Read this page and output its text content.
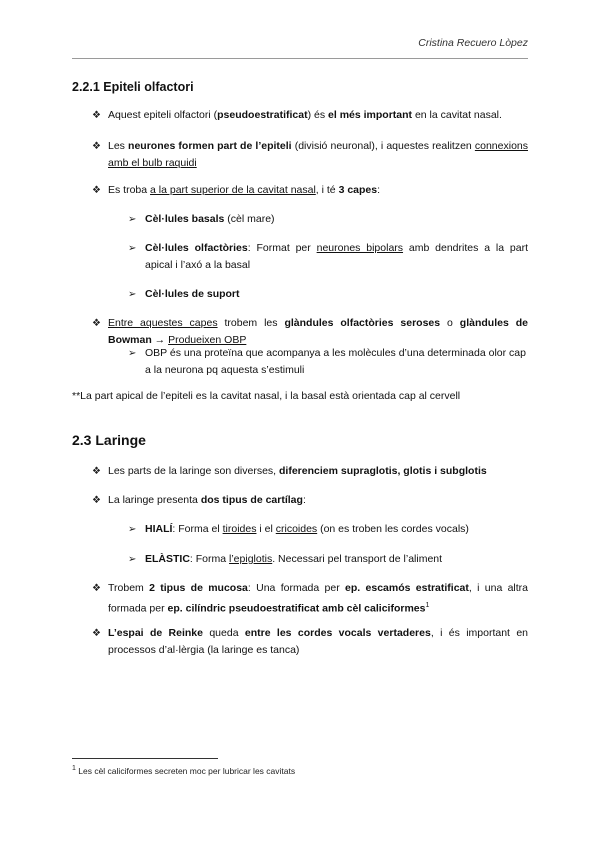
Cristina Recuero Lòpez
2.2.1 Epiteli olfactori
❖ Aquest epiteli olfactori (pseudoestratificat) és el més important en la cavitat nasal.
❖ Les neurones formen part de l’epiteli (divisió neuronal), i aquestes realitzen connexions amb el bulb raquidi
❖ Es troba a la part superior de la cavitat nasal, i té 3 capes:
➢ Cèl·lules basals (cèl mare)
➢ Cèl·lules olfactòries: Format per neurones bipolars amb dendrites a la part apical i l’axó a la basal
➢ Cèl·lules de suport
❖ Entre aquestes capes trobem les glàndules olfactòries seroses o glàndules de Bowman → Produeixen OBP
➢ OBP és una proteïna que acompanya a les molècules d’una determinada olor cap a la neurona pq aquesta s’estimuli
**La part apical de l’epiteli es la cavitat nasal, i la basal està orientada cap al cervell
2.3 Laringe
❖ Les parts de la laringe son diverses, diferenciem supraglotis, glotis i subglotis
❖ La laringe presenta dos tipus de cartílag:
➢ HIALÍ: Forma el tiroides i el cricoides (on es troben les cordes vocals)
➢ ELÀSTIC: Forma l’epiglotis. Necessari pel transport de l’aliment
❖ Trobem 2 tipus de mucosa: Una formada per ep. escamós estratificat, i una altra formada per ep. cilíndric pseudoestratificat amb cèl caliciformes$^1$
❖ L’espai de Reinke queda entre les cordes vocals vertaderes, i és important en processos d’al·lèrgia (la laringe es tanca)
$^1$ Les cèl caliciformes secreten moc per lubricar les cavitats
